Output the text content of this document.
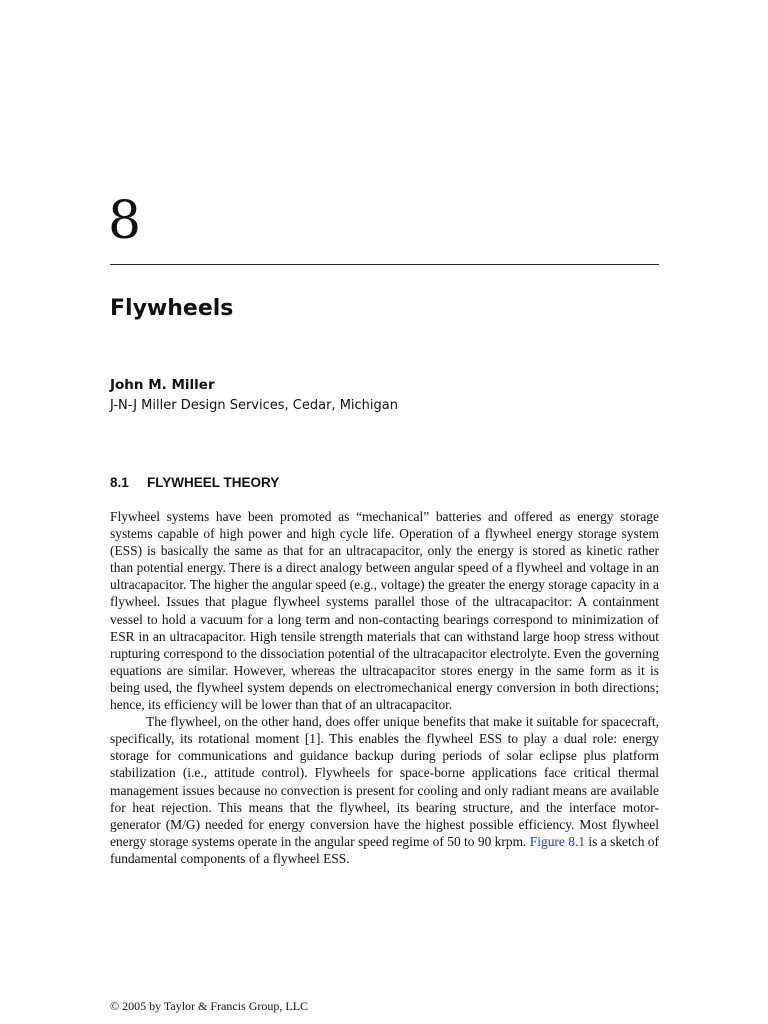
8
Flywheels
John M. Miller
J-N-J Miller Design Services, Cedar, Michigan
8.1 FLYWHEEL THEORY

Flywheel systems have been promoted as “mechanical” batteries and offered as energy storage systems capable of high power and high cycle life. Operation of a flywheel energy storage system (ESS) is basically the same as that for an ultracapacitor, only the energy is stored as kinetic rather than potential energy. There is a direct analogy between angular speed of a flywheel and voltage in an ultracapacitor. The higher the angular speed (e.g., voltage) the greater the energy storage capacity in a flywheel. Issues that plague flywheel systems parallel those of the ultracapacitor: A containment vessel to hold a vacuum for a long term and non-contacting bearings correspond to minimization of ESR in an ultracapacitor. High tensile strength materials that can withstand large hoop stress without rupturing correspond to the dissociation potential of the ultracapacitor electrolyte. Even the governing equations are similar. However, whereas the ultracapacitor stores energy in the same form as it is being used, the flywheel system depends on electromechanical energy conversion in both directions; hence, its efficiency will be lower than that of an ultracapacitor.

The flywheel, on the other hand, does offer unique benefits that make it suitable for spacecraft, specifically, its rotational moment [1]. This enables the flywheel ESS to play a dual role: energy storage for communications and guidance backup during periods of solar eclipse plus platform stabilization (i.e., attitude control). Flywheels for space-borne applications face critical thermal management issues because no convection is present for cooling and only radiant means are available for heat rejection. This means that the flywheel, its bearing structure, and the interface motor-generator (M/G) needed for energy conversion have the highest possible efficiency. Most flywheel energy storage systems operate in the angular speed regime of 50 to 90 krpm. Figure 8.1 is a sketch of fundamental components of a flywheel ESS.

© 2005 by Taylor & Francis Group, LLC
